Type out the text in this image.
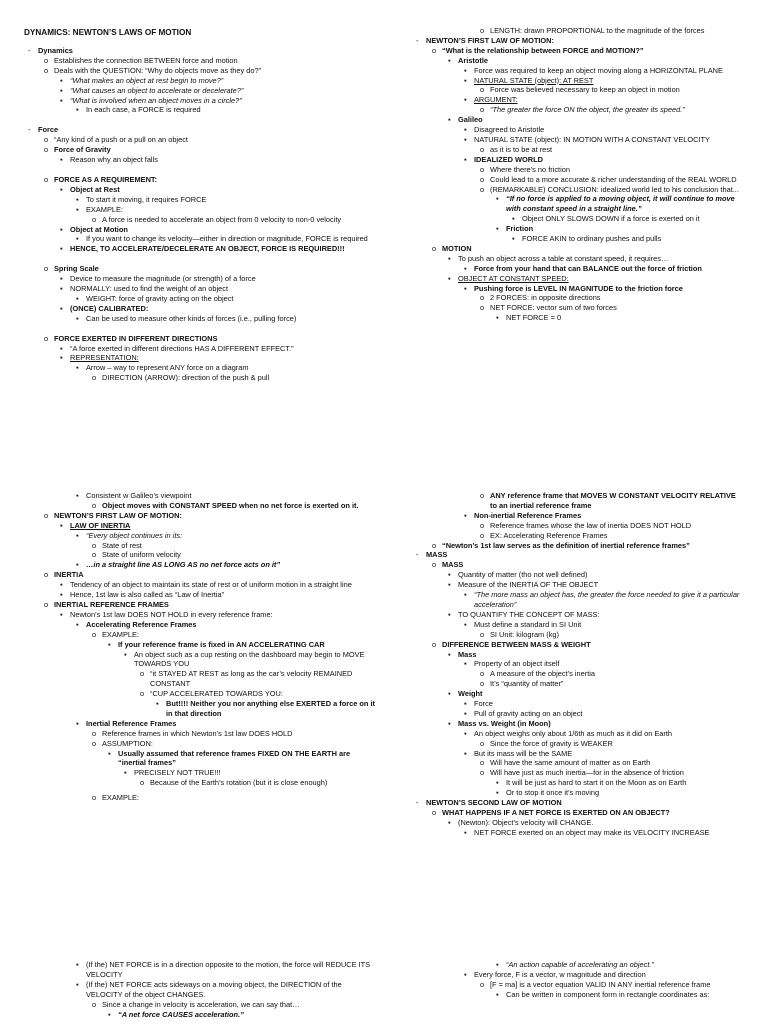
DYNAMICS: NEWTON’S LAWS OF MOTION
- Dynamics
o Establishes the connection BETWEEN force and motion
o Deals with the QUESTION: “Why do objects move as they do?”
▪ “What makes an object at rest begin to move?”
▪ “What causes an object to accelerate or decelerate?”
▪ “What is involved when an object moves in a circle?”
▪ In each case, a FORCE is required
- Force
o “Any kind of a push or a pull on an object
o Force of Gravity
▪ Reason why an object falls
o FORCE AS A REQUIREMENT:
▪ Object at Rest
▪ To start it moving, it requires FORCE
▪ EXAMPLE:
o A force is needed to accelerate an object from 0 velocity to non-0 velocity
▪ Object at Motion
▪ If you want to change its velocity—either in direction or magnitude, FORCE is required
▪ HENCE, TO ACCELERATE/DECELERATE AN OBJECT, FORCE IS REQUIRED!!!
o Spring Scale
▪ Device to measure the magnitude (or strength) of a force
▪ NORMALLY: used to find the weight of an object
▪ WEIGHT: force of gravity acting on the object
▪ (ONCE) CALIBRATED:
▪ Can be used to measure other kinds of forces (i.e., pulling force)
o FORCE EXERTED IN DIFFERENT DIRECTIONS
▪ “A force exerted in different directions HAS A DIFFERENT EFFECT.”
▪ REPRESENTATION:
▪ Arrow – way to represent ANY force on a diagram
o DIRECTION (ARROW): direction of the push & pull
o LENGTH: drawn PROPORTIONAL to the magnitude of the forces
- NEWTON’S FIRST LAW OF MOTION:
o “What is the relationship between FORCE and MOTION?”
▪ Aristotle
▪ Force was required to keep an object moving along a HORIZONTAL PLANE
▪ NATURAL STATE (object): AT REST
o Force was believed necessary to keep an object in motion
▪ ARGUMENT:
o “The greater the force ON the object, the greater its speed.”
▪ Galileo
▪ Disagreed to Aristotle
▪ NATURAL STATE (object): IN MOTION WITH A CONSTANT VELOCITY
o as it is to be at rest
▪ IDEALIZED WORLD
o Where there’s no friction
o Could lead to a more accurate & richer understanding of the REAL WORLD
o (REMARKABLE) CONCLUSION: idealized world led to his conclusion that...
▪ “If no force is applied to a moving object, it will continue to move with constant speed in a straight line.”
▪ Object ONLY SLOWS DOWN if a force is exerted on it
▪ Friction
▪ FORCE AKIN to ordinary pushes and pulls
o MOTION
▪ To push an object across a table at constant speed, it requires…
▪ Force from your hand that can BALANCE out the force of friction
▪ OBJECT AT CONSTANT SPEED:
▪ Pushing force is LEVEL IN MAGNITUDE to the friction force
o 2 FORCES: in opposite directions
o NET FORCE: vector sum of two forces
▪ NET FORCE = 0
▪ Consistent w Galileo’s viewpoint
o Object moves with CONSTANT SPEED when no net force is exerted on it.
o NEWTON’S FIRST LAW OF MOTION:
▪ LAW OF INERTIA
▪ “Every object continues in its:
o State of rest
o State of uniform velocity
▪ …in a straight line AS LONG AS no net force acts on it”
o INERTIA
▪ Tendency of an object to maintain its state of rest or of uniform motion in a straight line
▪ Hence, 1st law is also called as “Law of Inertia”
o INERTIAL REFERENCE FRAMES
▪ Newton’s 1st law DOES NOT HOLD in every reference frame:
▪ Accelerating Reference Frames
o EXAMPLE:
▪ If your reference frame is fixed in AN ACCELERATING CAR
▪ An object such as a cup resting on the dashboard may begin to MOVE TOWARDS YOU
o “it STAYED AT REST as long as the car’s velocity REMAINED CONSTANT
o “CUP ACCELERATED TOWARDS YOU:
▪ But!!!! Neither you nor anything else EXERTED a force on it in that direction
▪ Inertial Reference Frames
o Reference frames in which Newton’s 1st law DOES HOLD
o ASSUMPTION:
▪ Usually assumed that reference frames FIXED ON THE EARTH are “inertial frames”
▪ PRECISELY NOT TRUE!!!
o Because of the Earth’s rotation (but it is close enough)
o EXAMPLE:
o ANY reference frame that MOVES W CONSTANT VELOCITY RELATIVE to an inertial reference frame
▪ Non-inertial Reference Frames
o Reference frames whose the law of inertia DOES NOT HOLD
o EX: Accelerating Reference Frames
o “Newton’s 1st law serves as the definition of inertial reference frames”
- MASS
o MASS
▪ Quantity of matter (tho not well defined)
▪ Measure of the INERTIA OF THE OBJECT
▪ “The more mass an object has, the greater the force needed to give it a particular acceleration”
▪ TO QUANTIFY THE CONCEPT OF MASS:
▪ Must define a standard in SI Unit
o SI Unit: kilogram (kg)
o DIFFERENCE BETWEEN MASS & WEIGHT
▪ Mass
▪ Property of an object itself
o A measure of the object’s inertia
o It’s “quantity of matter”
▪ Weight
▪ Force
▪ Pull of gravity acting on an object
▪ Mass vs. Weight (in Moon)
▪ An object weighs only about 1/6th as much as it did on Earth
o Since the force of gravity is WEAKER
▪ But its mass will be the SAME
o Will have the same amount of matter as on Earth
o Will have just as much inertia—for in the absence of friction
▪ It will be just as hard to start it on the Moon as on Earth
▪ Or to stop it once it’s moving
- NEWTON’S SECOND LAW OF MOTION
o WHAT HAPPENS IF A NET FORCE IS EXERTED ON AN OBJECT?
▪ (Newton): Object’s velocity will CHANGE.
▪ NET FORCE exerted on an object may make its VELOCITY INCREASE
▪ (If the) NET FORCE is in a direction opposite to the motion, the force will REDUCE ITS VELOCITY
▪ (If the) NET FORCE acts sideways on a moving object, the DIRECTION of the VELOCITY of the object CHANGES.
o Since a change in velocity is acceleration, we can say that…
▪ “A net force CAUSES acceleration.”
▪ “An action capable of accelerating an object.”
▪ Every force, F is a vector, w magnitude and direction
o [F = ma] is a vector equation VALID IN ANY inertial reference frame
▪ Can be written in component form in rectangle coordinates as:
